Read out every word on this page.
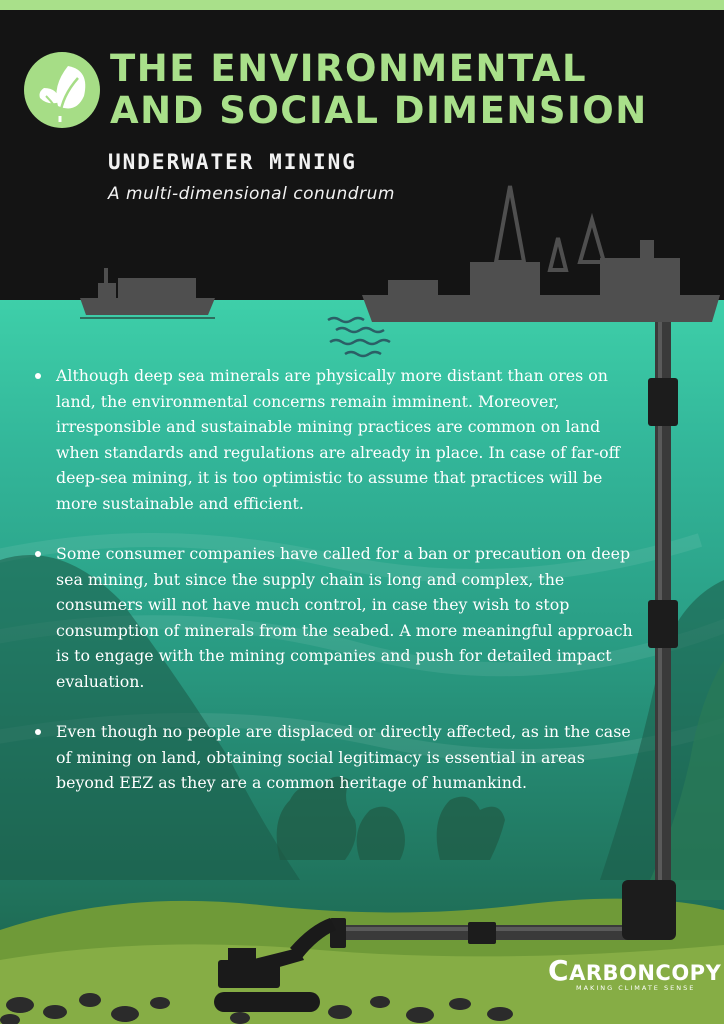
THE ENVIRONMENTAL
AND SOCIAL DIMENSION

UNDERWATER MINING

A multi-dimensional conundrum

Although deep sea minerals are physically more distant than ores on land, the environmental concerns remain imminent. Moreover, irresponsible and sustainable mining practices are common on land when standards and regulations are already in place. In case of far-off deep-sea mining, it is too optimistic to assume that practices will be more sustainable and efficient.
Some consumer companies have called for a ban or precaution on deep sea mining, but since the supply chain is long and complex, the consumers will not have much control, in case they wish to stop consumption of minerals from the seabed. A more meaningful approach is to engage with the mining companies and push for detailed impact evaluation.
Even though no people are displaced or directly affected, as in the case of mining on land, obtaining social legitimacy is essential in areas beyond EEZ as they are a common heritage of humankind.
CARBONCOPY
MAKING CLIMATE SENSE
